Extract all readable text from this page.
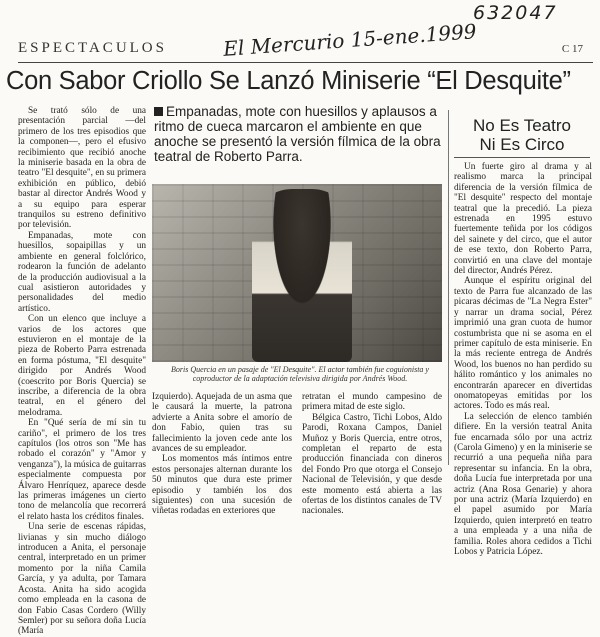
632047
ESPECTACULOS	El Mercurio 15-ene.1999	C 17
Con Sabor Criollo Se Lanzó Miniserie “El Desquite”

Se trató sólo de una presentación parcial —del primero de los tres episodios que la componen—, pero el efusivo recibimiento que recibió anoche la miniserie basada en la obra de teatro "El desquite", en su primera exhibición en público, debió bastar al director Andrés Wood y a su equipo para esperar tranquilos su estreno definitivo por televisión.

Empanadas, mote con huesillos, sopaipillas y un ambiente en general folclórico, rodearon la función de adelanto de la producción audiovisual a la cual asistieron autoridades y personalidades del medio artístico.

Con un elenco que incluye a varios de los actores que estuvieron en el montaje de la pieza de Roberto Parra estrenada en forma póstuma, "El desquite" dirigido por Andrés Wood (coescrito por Boris Quercia) se inscribe, a diferencia de la obra teatral, en el género del melodrama.

En "Qué sería de mí sin tu cariño", el primero de los tres capítulos (los otros son "Me has robado el corazón" y "Amor y venganza"), la música de guitarras especialmente compuesta por Álvaro Henríquez, aparece desde las primeras imágenes un cierto tono de melancolía que recorrerá el relato hasta los créditos finales.

Una serie de escenas rápidas, livianas y sin mucho diálogo introducen a Anita, el personaje central, interpretado en un primer momento por la niña Camila García, y ya adulta, por Tamara Acosta. Anita ha sido acogida como empleada en la casona de don Fabio Casas Cordero (Willy Semler) por su señora doña Lucía (María

Empanadas, mote con huesillos y aplausos a ritmo de cueca marcaron el ambiente en que anoche se presentó la versión fílmica de la obra teatral de Roberto Parra.
Boris Quercia en un pasaje de "El Desquite". El actor también fue coguionista y coproductor de la adaptación televisiva dirigida por Andrés Wood.

Izquierdo). Aquejada de un asma que le causará la muerte, la patrona advierte a Anita sobre el amorío de don Fabio, quien tras su fallecimiento la joven cede ante los avances de su empleador.

Los momentos más íntimos entre estos personajes alternan durante los 50 minutos que dura este primer episodio y también los dos siguientes) con una sucesión de viñetas rodadas en exteriores que

retratan el mundo campesino de primera mitad de este siglo.

Bélgica Castro, Tichi Lobos, Aldo Parodi, Roxana Campos, Daniel Muñoz y Boris Quercia, entre otros, completan el reparto de esta producción financiada con dineros del Fondo Pro que otorga el Consejo Nacional de Televisión, y que desde este momento está abierta a las ofertas de los distintos canales de TV nacionales.

No Es Teatro
Ni Es Circo

Un fuerte giro al drama y al realismo marca la principal diferencia de la versión fílmica de "El desquite" respecto del montaje teatral que la precedió. La pieza estrenada en 1995 estuvo fuertemente teñida por los códigos del sainete y del circo, que el autor de ese texto, don Roberto Parra, convirtió en una clave del montaje del director, Andrés Pérez.

Aunque el espíritu original del texto de Parra fue alcanzado de las picaras décimas de "La Negra Ester" y narrar un drama social, Pérez imprimió una gran cuota de humor costumbrista que ni se asoma en el primer capítulo de esta miniserie. En la más reciente entrega de Andrés Wood, los buenos no han perdido su hálito romántico y los animales no encontrarán aparecer en divertidas onomatopeyas emitidas por los actores. Todo es más real.

La selección de elenco también difiere. En la versión teatral Anita fue encarnada sólo por una actriz (Carola Gimeno) y en la miniserie se recurrió a una pequeña niña para representar su infancia. En la obra, doña Lucía fue interpretada por una actriz (Ana Rosa Genarie) y ahora por una actriz (María Izquierdo) en el papel asumido por María Izquierdo, quien interpretó en teatro a una empleada y a una niña de familia. Roles ahora cedidos a Tichi Lobos y Patricia López.
